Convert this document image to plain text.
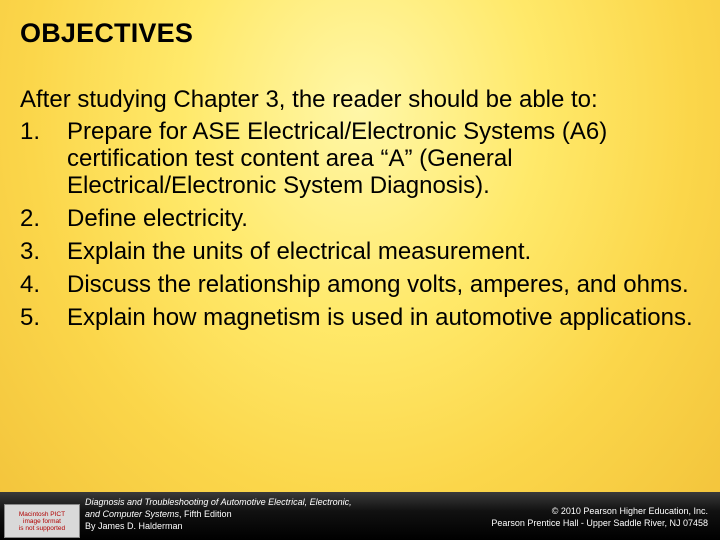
OBJECTIVES
After studying Chapter 3, the reader should be able to:
1.	Prepare for ASE Electrical/Electronic Systems (A6) certification test content area “A” (General Electrical/Electronic System Diagnosis).
2.	Define electricity.
3.	Explain the units of electrical measurement.
4.	Discuss the relationship among volts, amperes, and ohms.
5.	Explain how magnetism is used in automotive applications.
Macintosh PICT
image format
is not supported
Diagnosis and Troubleshooting of Automotive Electrical, Electronic, and Computer Systems, Fifth Edition
By James D. Halderman
© 2010 Pearson Higher Education, Inc.
Pearson Prentice Hall - Upper Saddle River, NJ 07458
